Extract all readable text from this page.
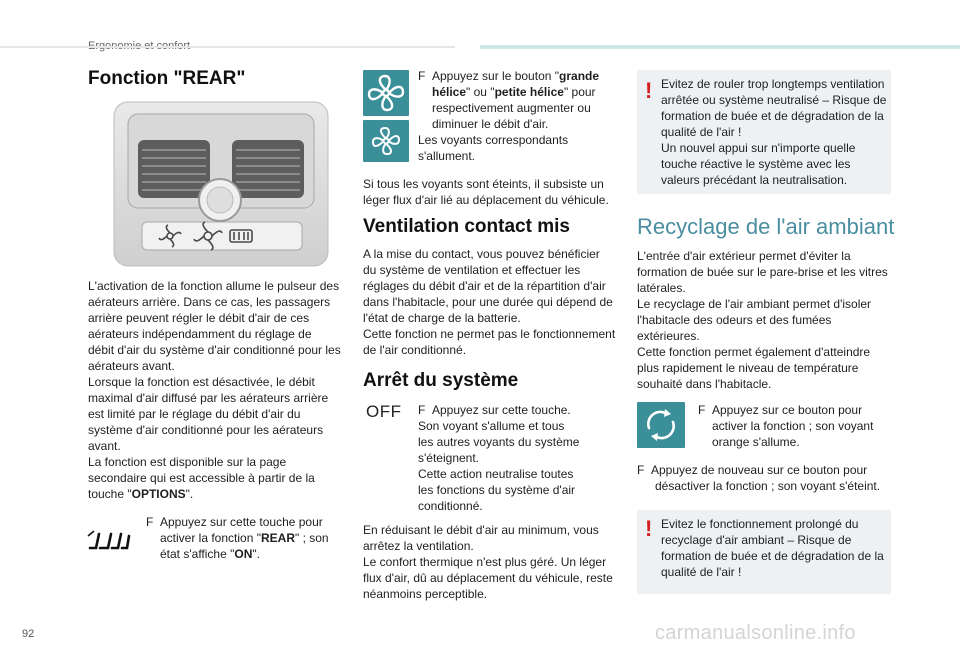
Fonction "REAR"
L'activation de la fonction allume le pulseur des
aérateurs arrière. Dans ce cas, les passagers
arrière peuvent régler le débit d'air de ces
aérateurs indépendamment du réglage de
débit d'air du système d'air conditionné pour les
aérateurs avant.
Lorsque la fonction est désactivée, le débit
maximal d'air diffusé par les aérateurs arrière
est limité par le réglage du débit d'air du
système d'air conditionné pour les aérateurs
avant.
La fonction est disponible sur la page
secondaire qui est accessible à partir de la
touche "OPTIONS".
F Appuyez sur cette touche pour
activer la fonction "REAR" ; son
état s'affiche "ON".
F Appuyez sur le bouton "grande
hélice" ou "petite hélice" pour
respectivement augmenter ou
diminuer le débit d'air.
Les voyants correspondants
s'allument.
Si tous les voyants sont éteints, il subsiste un
léger flux d'air lié au déplacement du véhicule.
Ventilation contact mis
A la mise du contact, vous pouvez bénéficier
du système de ventilation et effectuer les
réglages du débit d'air et de la répartition d'air
dans l'habitacle, pour une durée qui dépend de
l'état de charge de la batterie.
Cette fonction ne permet pas le fonctionnement
de l'air conditionné.
Arrêt du système
OFF F Appuyez sur cette touche.
Son voyant s'allume et tous
les autres voyants du système
s'éteignent.
Cette action neutralise toutes
les fonctions du système d'air
conditionné.
En réduisant le débit d'air au minimum, vous
arrêtez la ventilation.
Le confort thermique n'est plus géré. Un léger
flux d'air, dû au déplacement du véhicule, reste
néanmoins perceptible.
! Evitez de rouler trop longtemps ventilation
arrêtée ou système neutralisé – Risque de
formation de buée et de dégradation de la
qualité de l'air !
Un nouvel appui sur n'importe quelle
touche réactive le système avec les
valeurs précédant la neutralisation.
Recyclage de l'air ambiant
L'entrée d'air extérieur permet d'éviter la
formation de buée sur le pare-brise et les vitres
latérales.
Le recyclage de l'air ambiant permet d'isoler
l'habitacle des odeurs et des fumées
extérieures.
Cette fonction permet également d'atteindre
plus rapidement le niveau de température
souhaité dans l'habitacle.
F Appuyez sur ce bouton pour
activer la fonction ; son voyant
orange s'allume.
F Appuyez de nouveau sur ce bouton pour
désactiver la fonction ; son voyant s'éteint.
! Evitez le fonctionnement prolongé du
recyclage d'air ambiant – Risque de
formation de buée et de dégradation de la
qualité de l'air !
92	carmanualsonline.info
